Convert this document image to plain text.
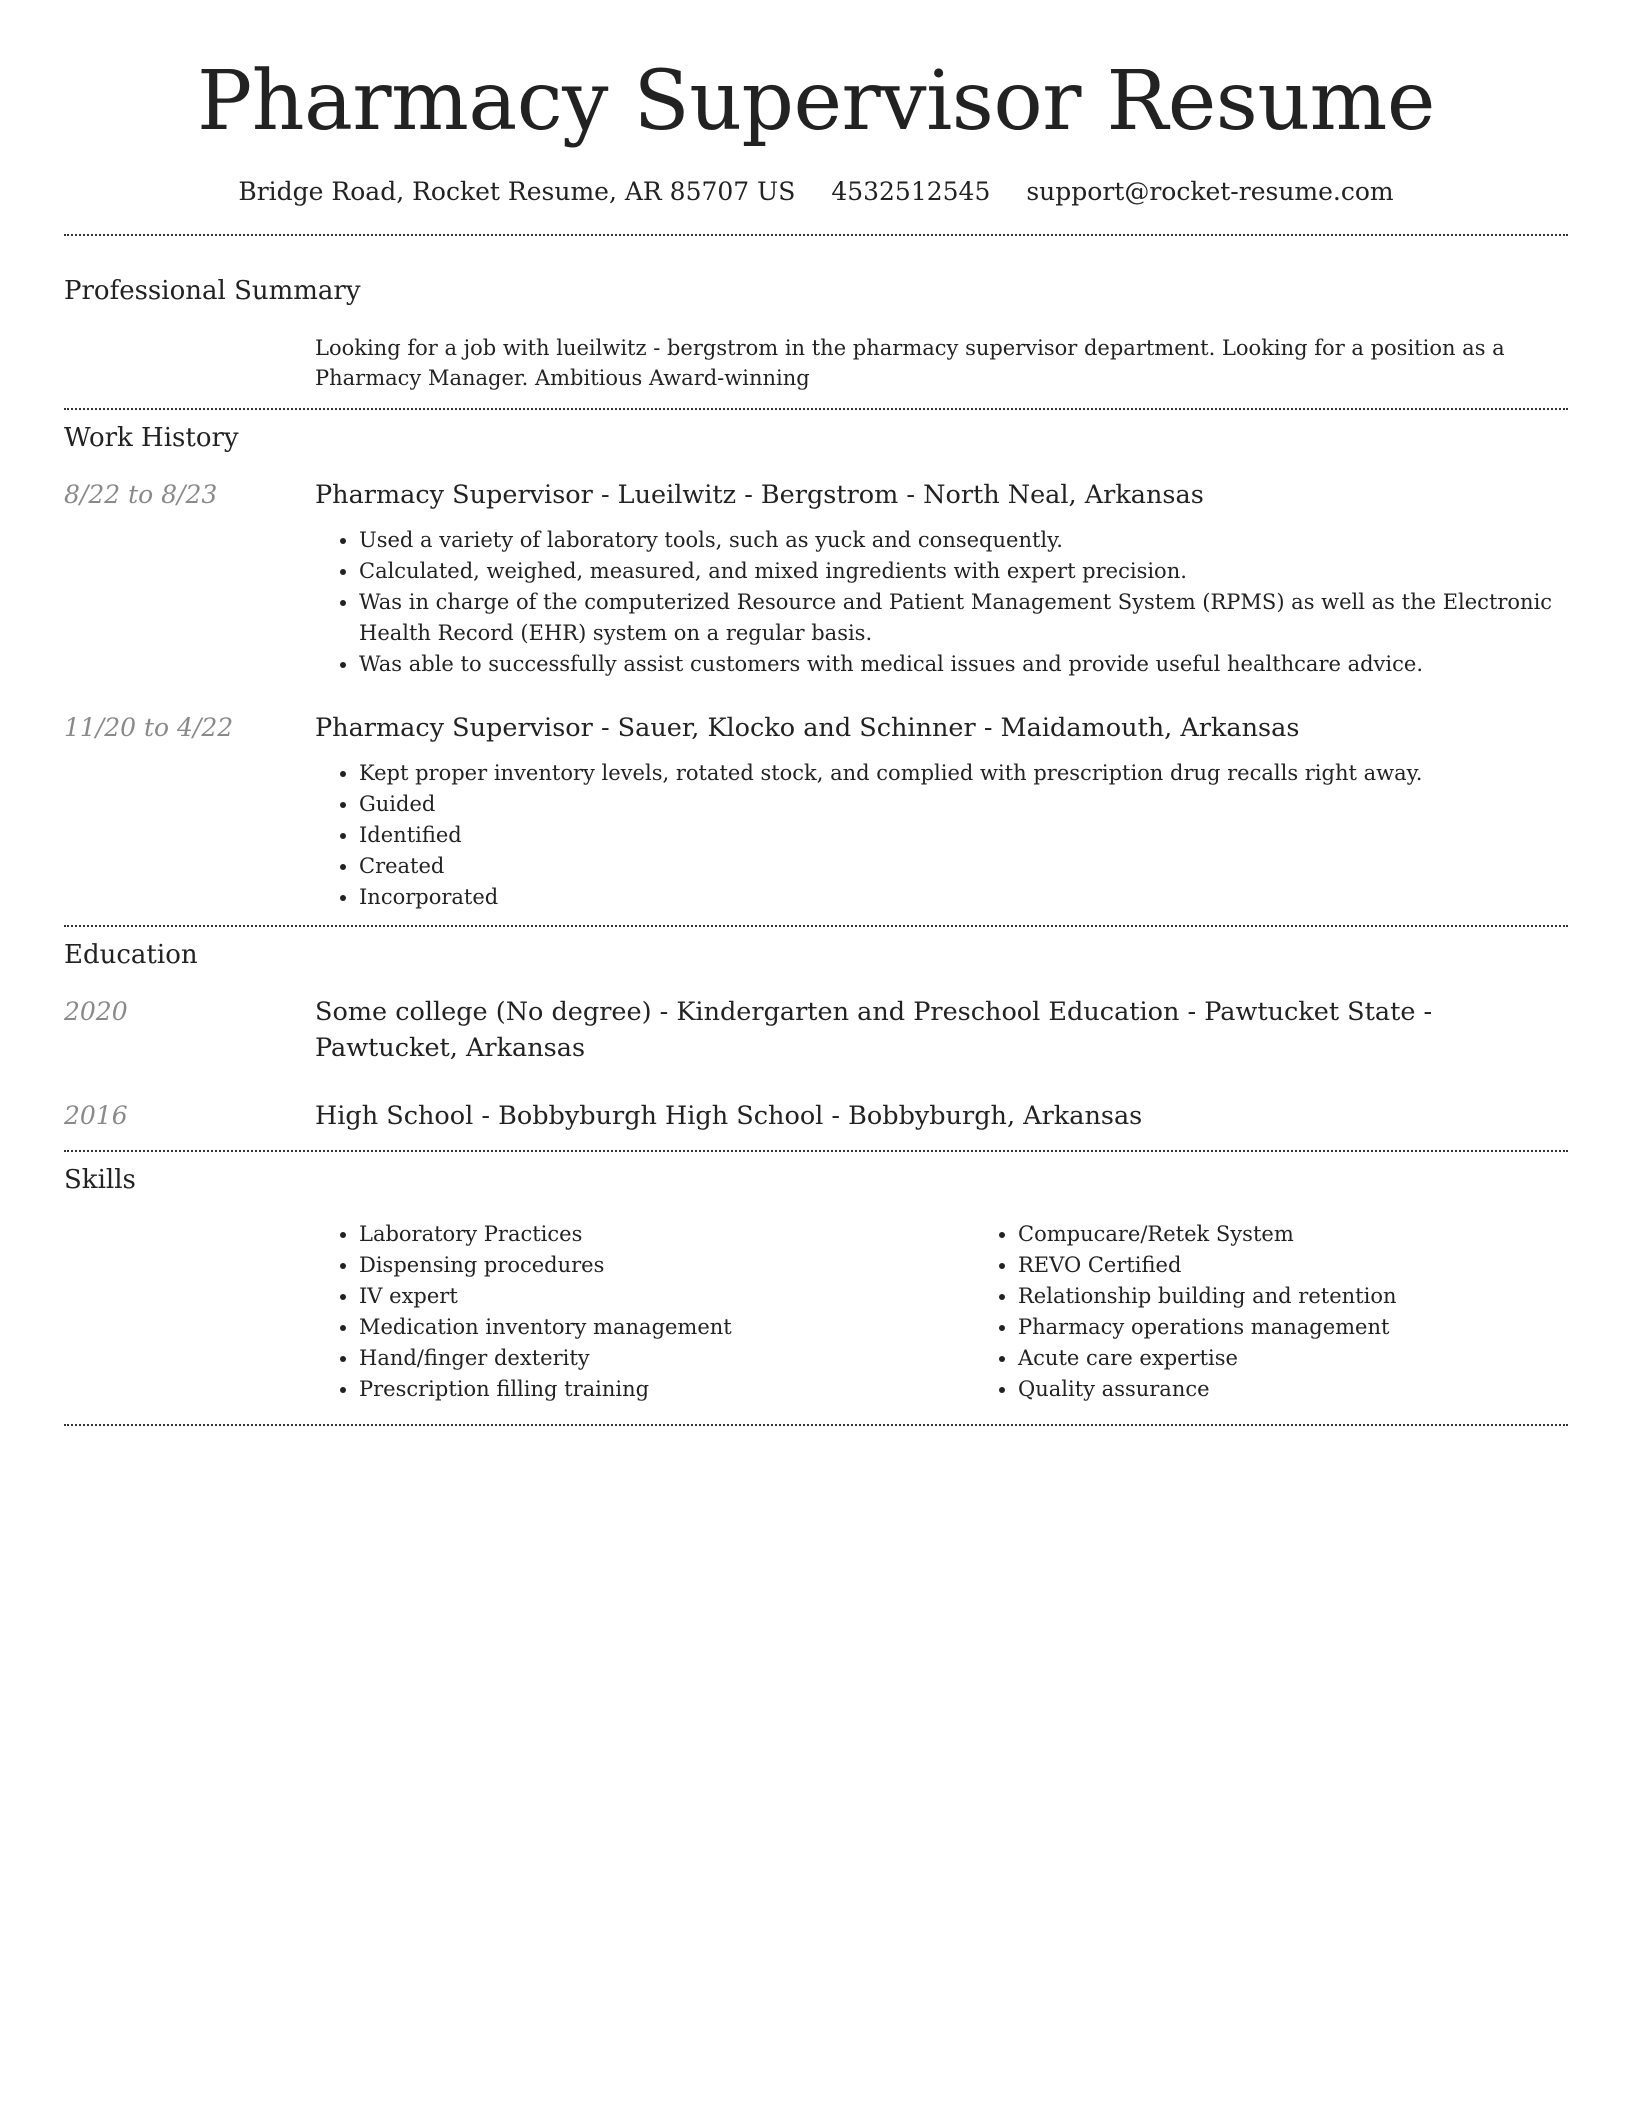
Pharmacy Supervisor Resume
Bridge Road, Rocket Resume, AR 85707 US 4532512545 support@rocket-resume.com
Professional Summary
Looking for a job with lueilwitz - bergstrom in the pharmacy supervisor department. Looking for a position as a Pharmacy Manager. Ambitious Award-winning
Work History
8/22 to 8/23	Pharmacy Supervisor - Lueilwitz - Bergstrom - North Neal, Arkansas
• Used a variety of laboratory tools, such as yuck and consequently.
• Calculated, weighed, measured, and mixed ingredients with expert precision.
• Was in charge of the computerized Resource and Patient Management System (RPMS) as well as the Electronic Health Record (EHR) system on a regular basis.
• Was able to successfully assist customers with medical issues and provide useful healthcare advice.
11/20 to 4/22	Pharmacy Supervisor - Sauer, Klocko and Schinner - Maidamouth, Arkansas
• Kept proper inventory levels, rotated stock, and complied with prescription drug recalls right away.
• Guided
• Identified
• Created
• Incorporated
Education
2020	Some college (No degree) - Kindergarten and Preschool Education - Pawtucket State - Pawtucket, Arkansas
2016	High School - Bobbyburgh High School - Bobbyburgh, Arkansas
Skills
• Laboratory Practices
• Dispensing procedures
• IV expert
• Medication inventory management
• Hand/finger dexterity
• Prescription filling training
• Compucare/Retek System
• REVO Certified
• Relationship building and retention
• Pharmacy operations management
• Acute care expertise
• Quality assurance
